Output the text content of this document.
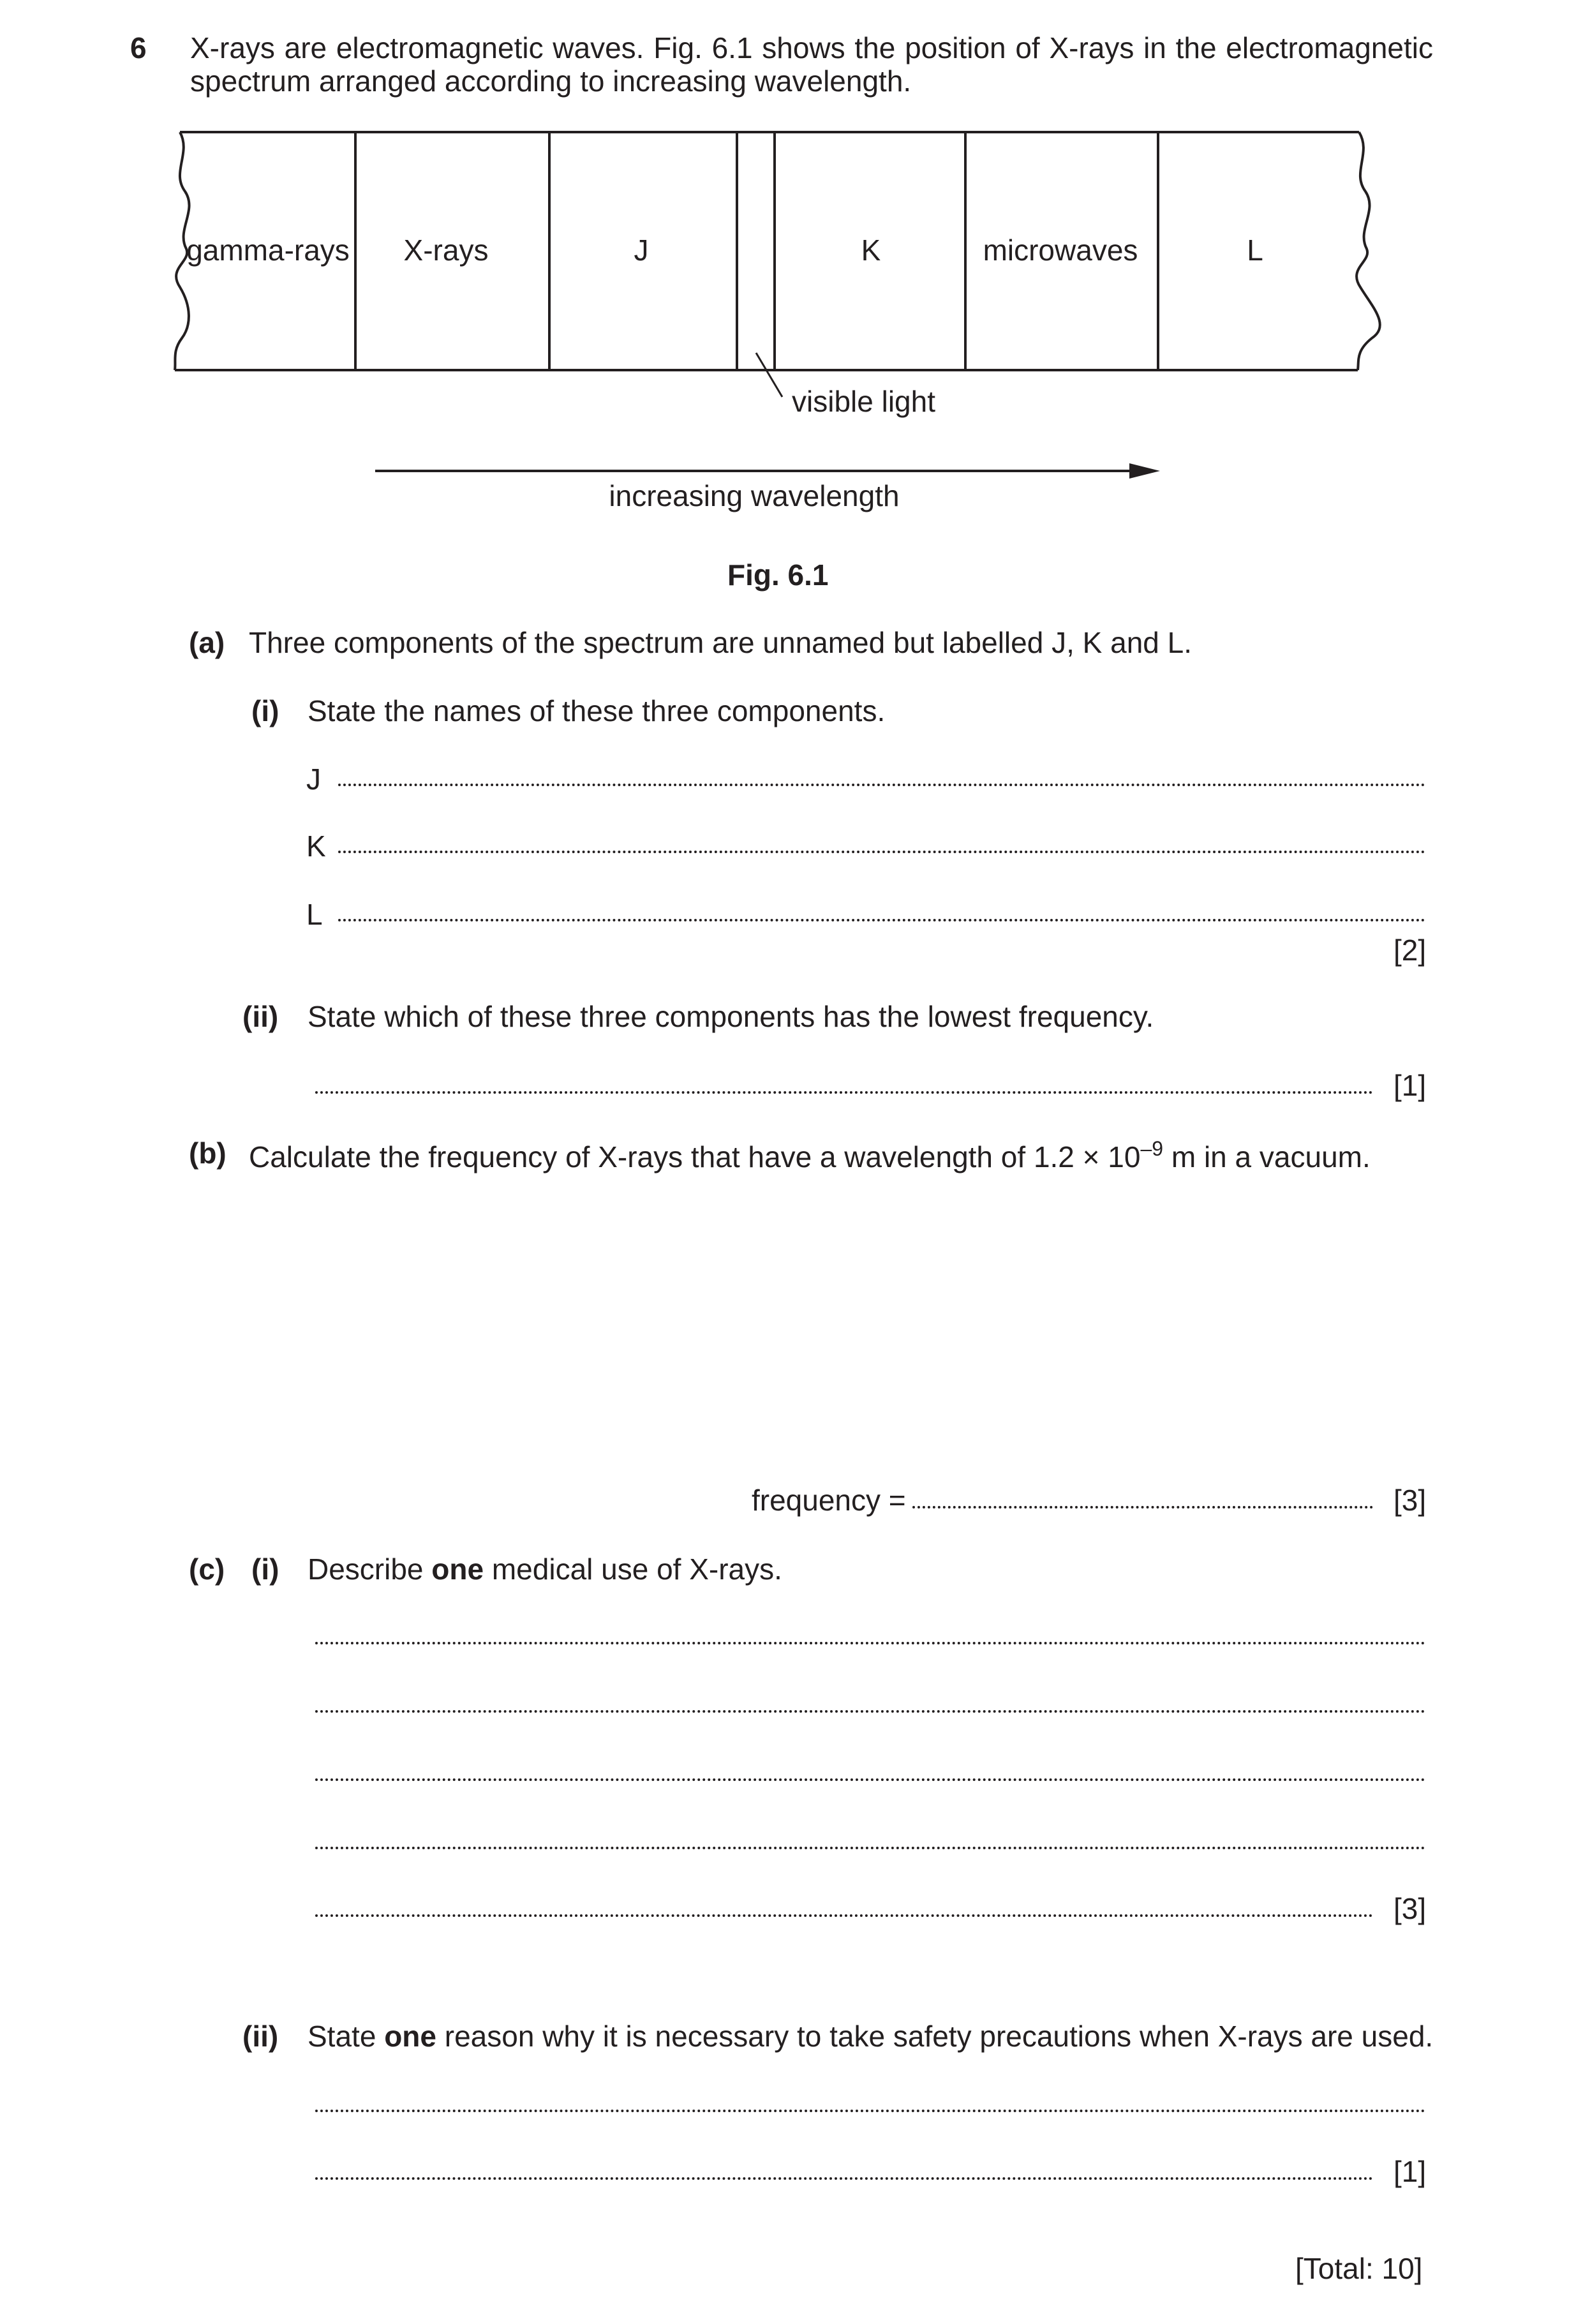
6 X-rays are electromagnetic waves. Fig. 6.1 shows the position of X-rays in the electromagnetic
spectrum arranged according to increasing wavelength.
gamma-rays X-rays	J	K	microwaves	L
visible light
increasing wavelength
Fig. 6.1
(a) Three components of the spectrum are unnamed but labelled J, K and L.
(i) State the names of these three components.
J
K
L
[2]
(ii) State which of these three components has the lowest frequency.
[1]
(b) Calculate the frequency of X-rays that have a wavelength of $1.2 \times 10^{-9}$ m in a vacuum.
frequency =	[3]
(c) (i) Describe one medical use of X-rays.
[3]
(ii) State one reason why it is necessary to take safety precautions when X-rays are used.
[1]
[Total: 10]
